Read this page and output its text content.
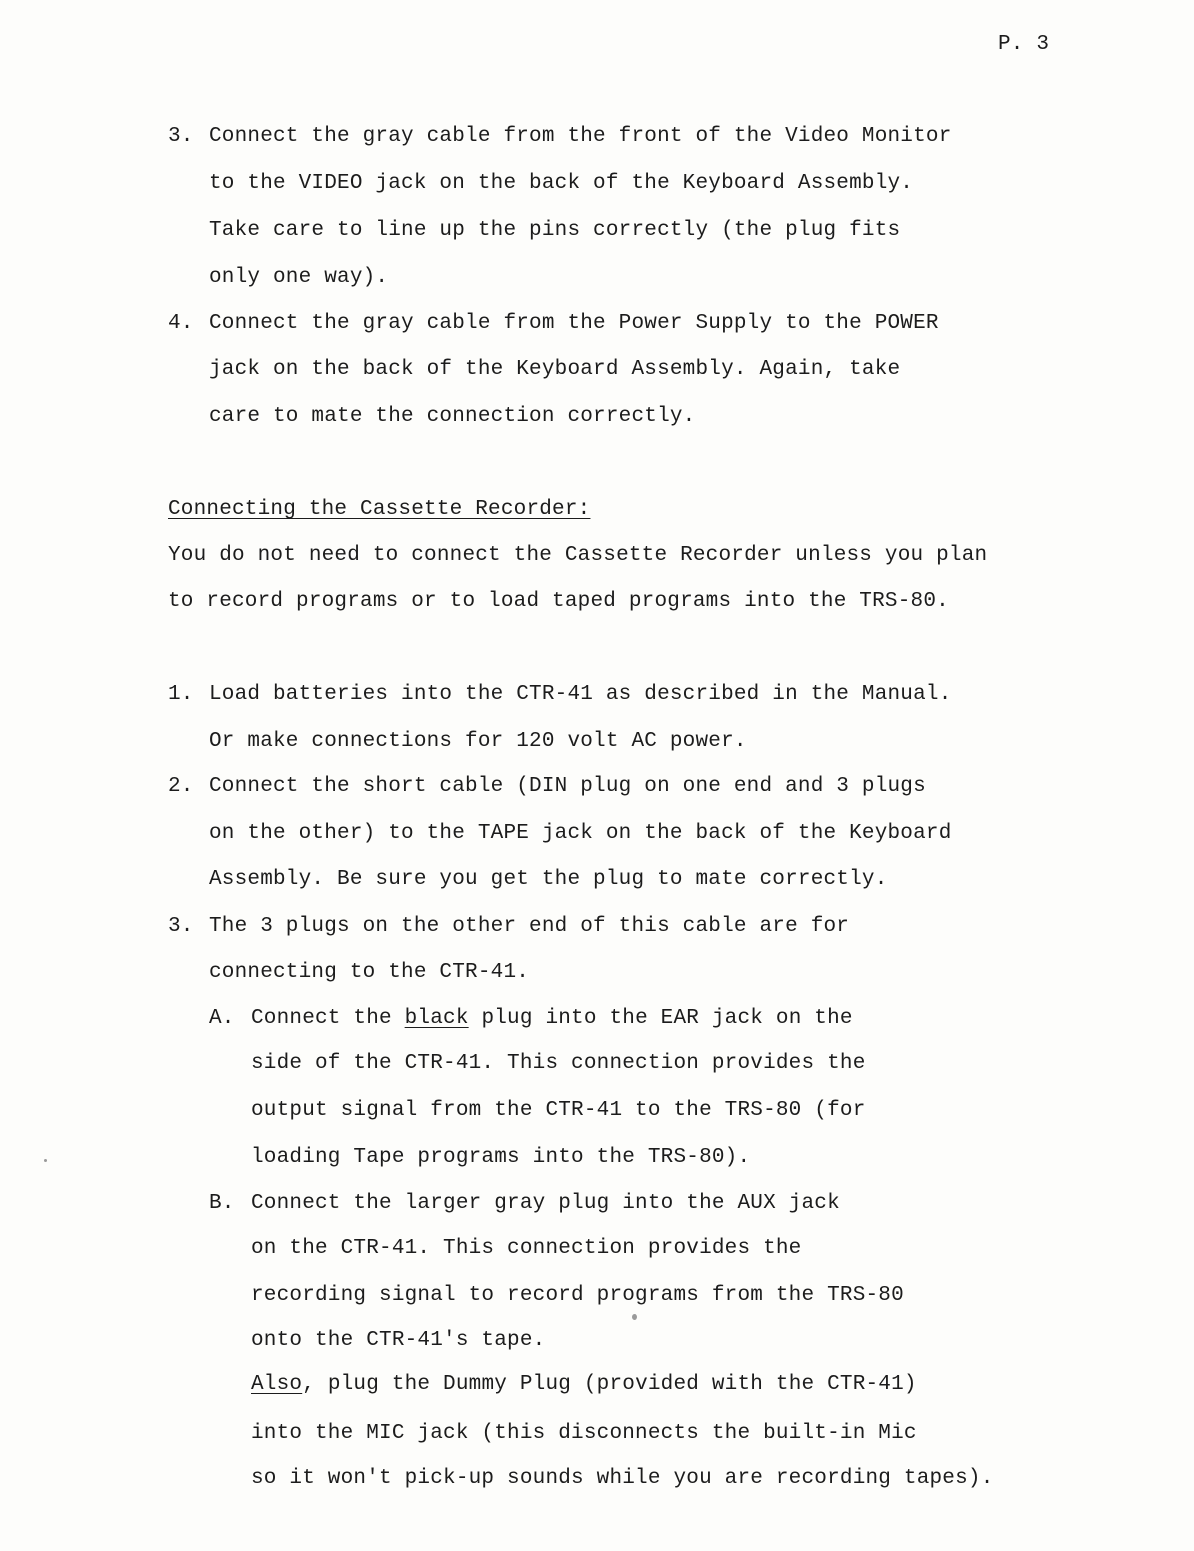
P. 3
3. Connect the gray cable from the front of the Video Monitor
to the VIDEO jack on the back of the Keyboard Assembly.
Take care to line up the pins correctly (the plug fits
only one way).
4. Connect the gray cable from the Power Supply to the POWER
jack on the back of the Keyboard Assembly. Again, take
care to mate the connection correctly.
Connecting the Cassette Recorder:
You do not need to connect the Cassette Recorder unless you plan
to record programs or to load taped programs into the TRS-80.
1. Load batteries into the CTR-41 as described in the Manual.
Or make connections for 120 volt AC power.
2. Connect the short cable (DIN plug on one end and 3 plugs
on the other) to the TAPE jack on the back of the Keyboard
Assembly. Be sure you get the plug to mate correctly.
3. The 3 plugs on the other end of this cable are for
connecting to the CTR-41.
A. Connect the black plug into the EAR jack on the
side of the CTR-41. This connection provides the
output signal from the CTR-41 to the TRS-80 (for
loading Tape programs into the TRS-80).
B. Connect the larger gray plug into the AUX jack
on the CTR-41. This connection provides the
recording signal to record programs from the TRS-80
onto the CTR-41's tape.
Also, plug the Dummy Plug (provided with the CTR-41)
into the MIC jack (this disconnects the built-in Mic
so it won't pick-up sounds while you are recording tapes).
